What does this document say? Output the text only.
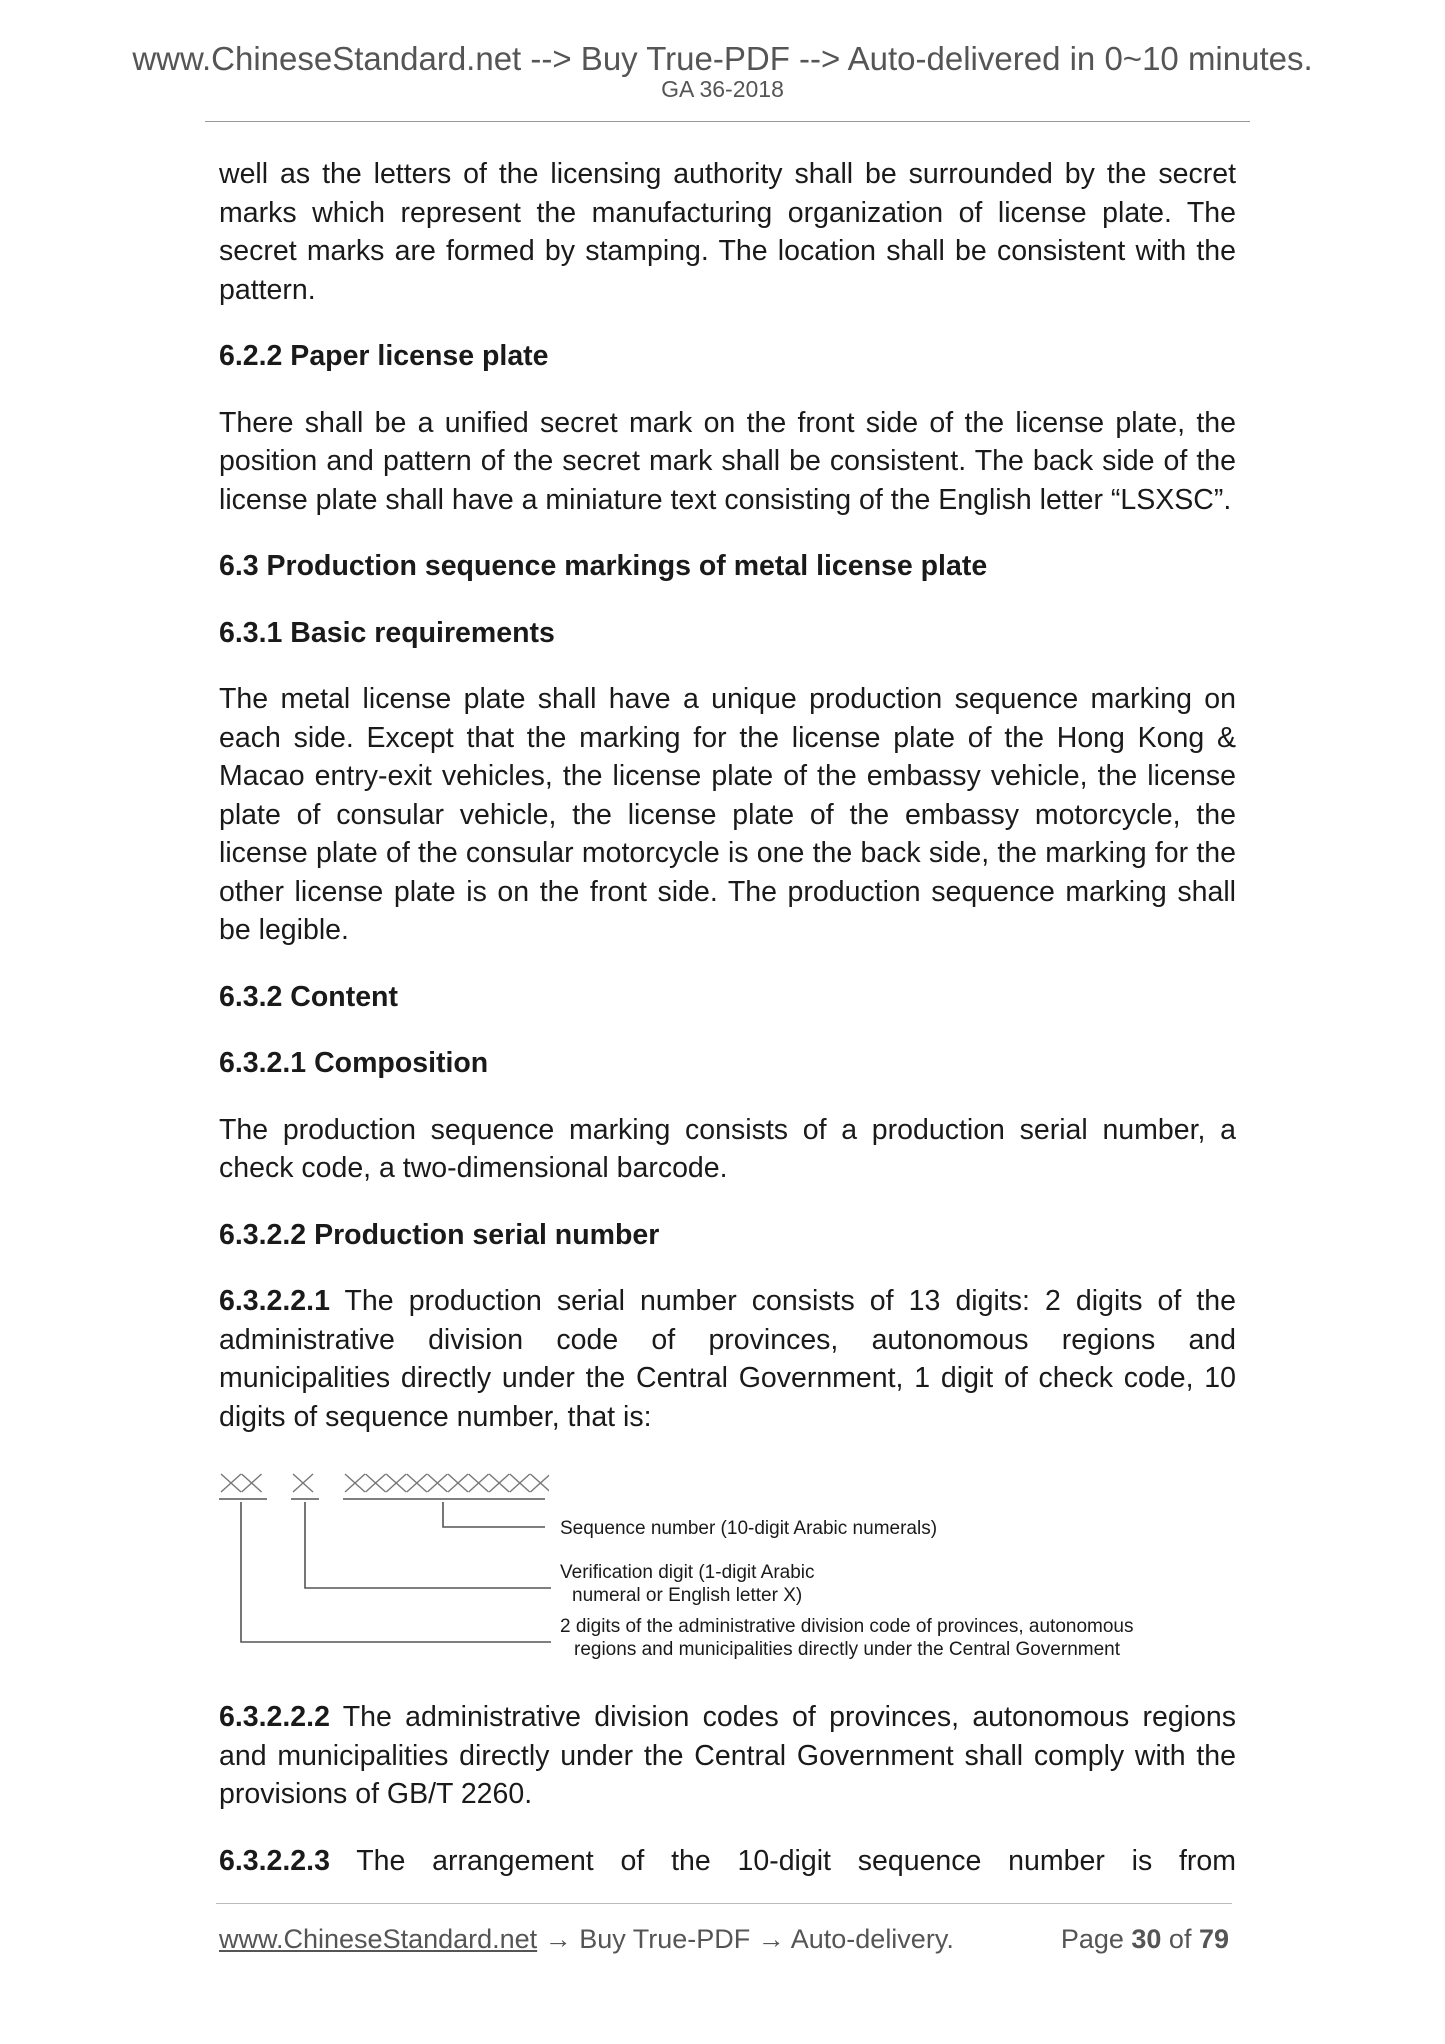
www.ChineseStandard.net --> Buy True-PDF --> Auto-delivered in 0~10 minutes.
GA 36-2018

well as the letters of the licensing authority shall be surrounded by the secret marks which represent the manufacturing organization of license plate. The secret marks are formed by stamping. The location shall be consistent with the pattern.

6.2.2 Paper license plate

There shall be a unified secret mark on the front side of the license plate, the position and pattern of the secret mark shall be consistent. The back side of the license plate shall have a miniature text consisting of the English letter “LSXSC”.

6.3 Production sequence markings of metal license plate
6.3.1 Basic requirements

The metal license plate shall have a unique production sequence marking on each side. Except that the marking for the license plate of the Hong Kong & Macao entry-exit vehicles, the license plate of the embassy vehicle, the license plate of consular vehicle, the license plate of the embassy motorcycle, the license plate of the consular motorcycle is one the back side, the marking for the other license plate is on the front side. The production sequence marking shall be legible.

6.3.2 Content
6.3.2.1 Composition

The production sequence marking consists of a production serial number, a check code, a two-dimensional barcode.

6.3.2.2 Production serial number

6.3.2.2.1 The production serial number consists of 13 digits: 2 digits of the administrative division code of provinces, autonomous regions and municipalities directly under the Central Government, 1 digit of check code, 10 digits of sequence number, that is:

Sequence number (10-digit Arabic numerals)
Verification digit (1-digit Arabic
numeral or English letter X)
2 digits of the administrative division code of provinces, autonomous
regions and municipalities directly under the Central Government

6.3.2.2.2 The administrative division codes of provinces, autonomous regions and municipalities directly under the Central Government shall comply with the provisions of GB/T 2260.

6.3.2.2.3 The arrangement of the 10-digit sequence number is from

www.ChineseStandard.net → Buy True-PDF → Auto-delivery.	Page 30 of 79
